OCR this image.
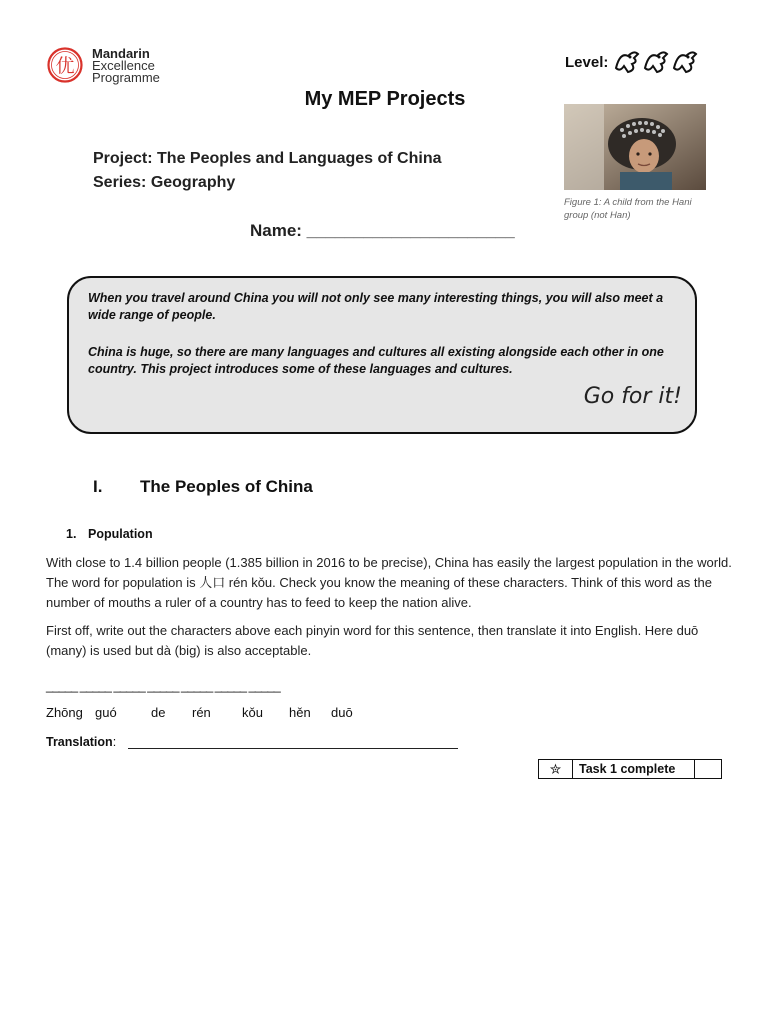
优
Mandarin
Excellence
Programme
Level:
My MEP Projects
Figure 1: A child from the Hani group (not Han)
Project: The Peoples and Languages of China
Series: Geography
Name: ______________________
When you travel around China you will not only see many interesting things, you will also meet a wide range of people.
China is huge, so there are many languages and cultures all existing alongside each other in one country. This project introduces some of these languages and cultures.
Go for it!
I. The Peoples of China
1. Population
With close to 1.4 billion people (1.385 billion in 2016 to be precise), China has easily the largest population in the world. The word for population is 人口 rén kǒu. Check you know the meaning of these characters. Think of this word as the number of mouths a ruler of a country has to feed to keep the nation alive.
First off, write out the characters above each pinyin word for this sentence, then translate it into English. Here duō (many) is used but dà (big) is also acceptable.
_____ _____ _____ _____ _____ _____ _____
Zhōng guó	de rén kǒu hěn duō
Translation:
✮	Task 1 complete
